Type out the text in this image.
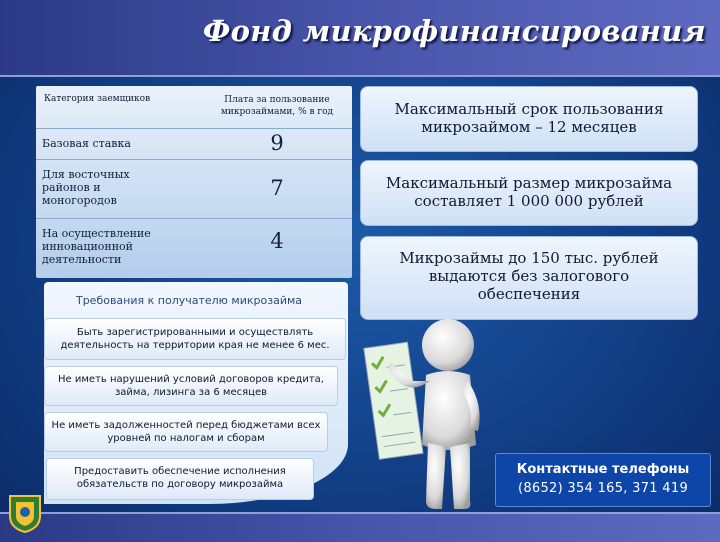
Фонд микрофинансирования
Категория заемщиков	Плата за пользование микрозаймами, % в год
Базовая ставка	9
Для восточных районов и моногородов
7
На осуществление инновационной деятельности
4
Максимальный срок пользования микрозаймом – 12 месяцев
Максимальный размер микрозайма составляет 1 000 000 рублей
Микрозаймы до 150 тыс. рублей выдаются без залогового обеспечения
Требования к получателю микрозайма
Быть зарегистрированными и осуществлять деятельность на территории края не менее 6 мес.
Не иметь нарушений условий договоров кредита, займа, лизинга за 6 месяцев
Не иметь задолженностей перед бюджетами всех уровней по налогам и сборам
Предоставить обеспечение исполнения обязательств по договору микрозайма
Контактные телефоны
(8652) 354 165, 371 419
